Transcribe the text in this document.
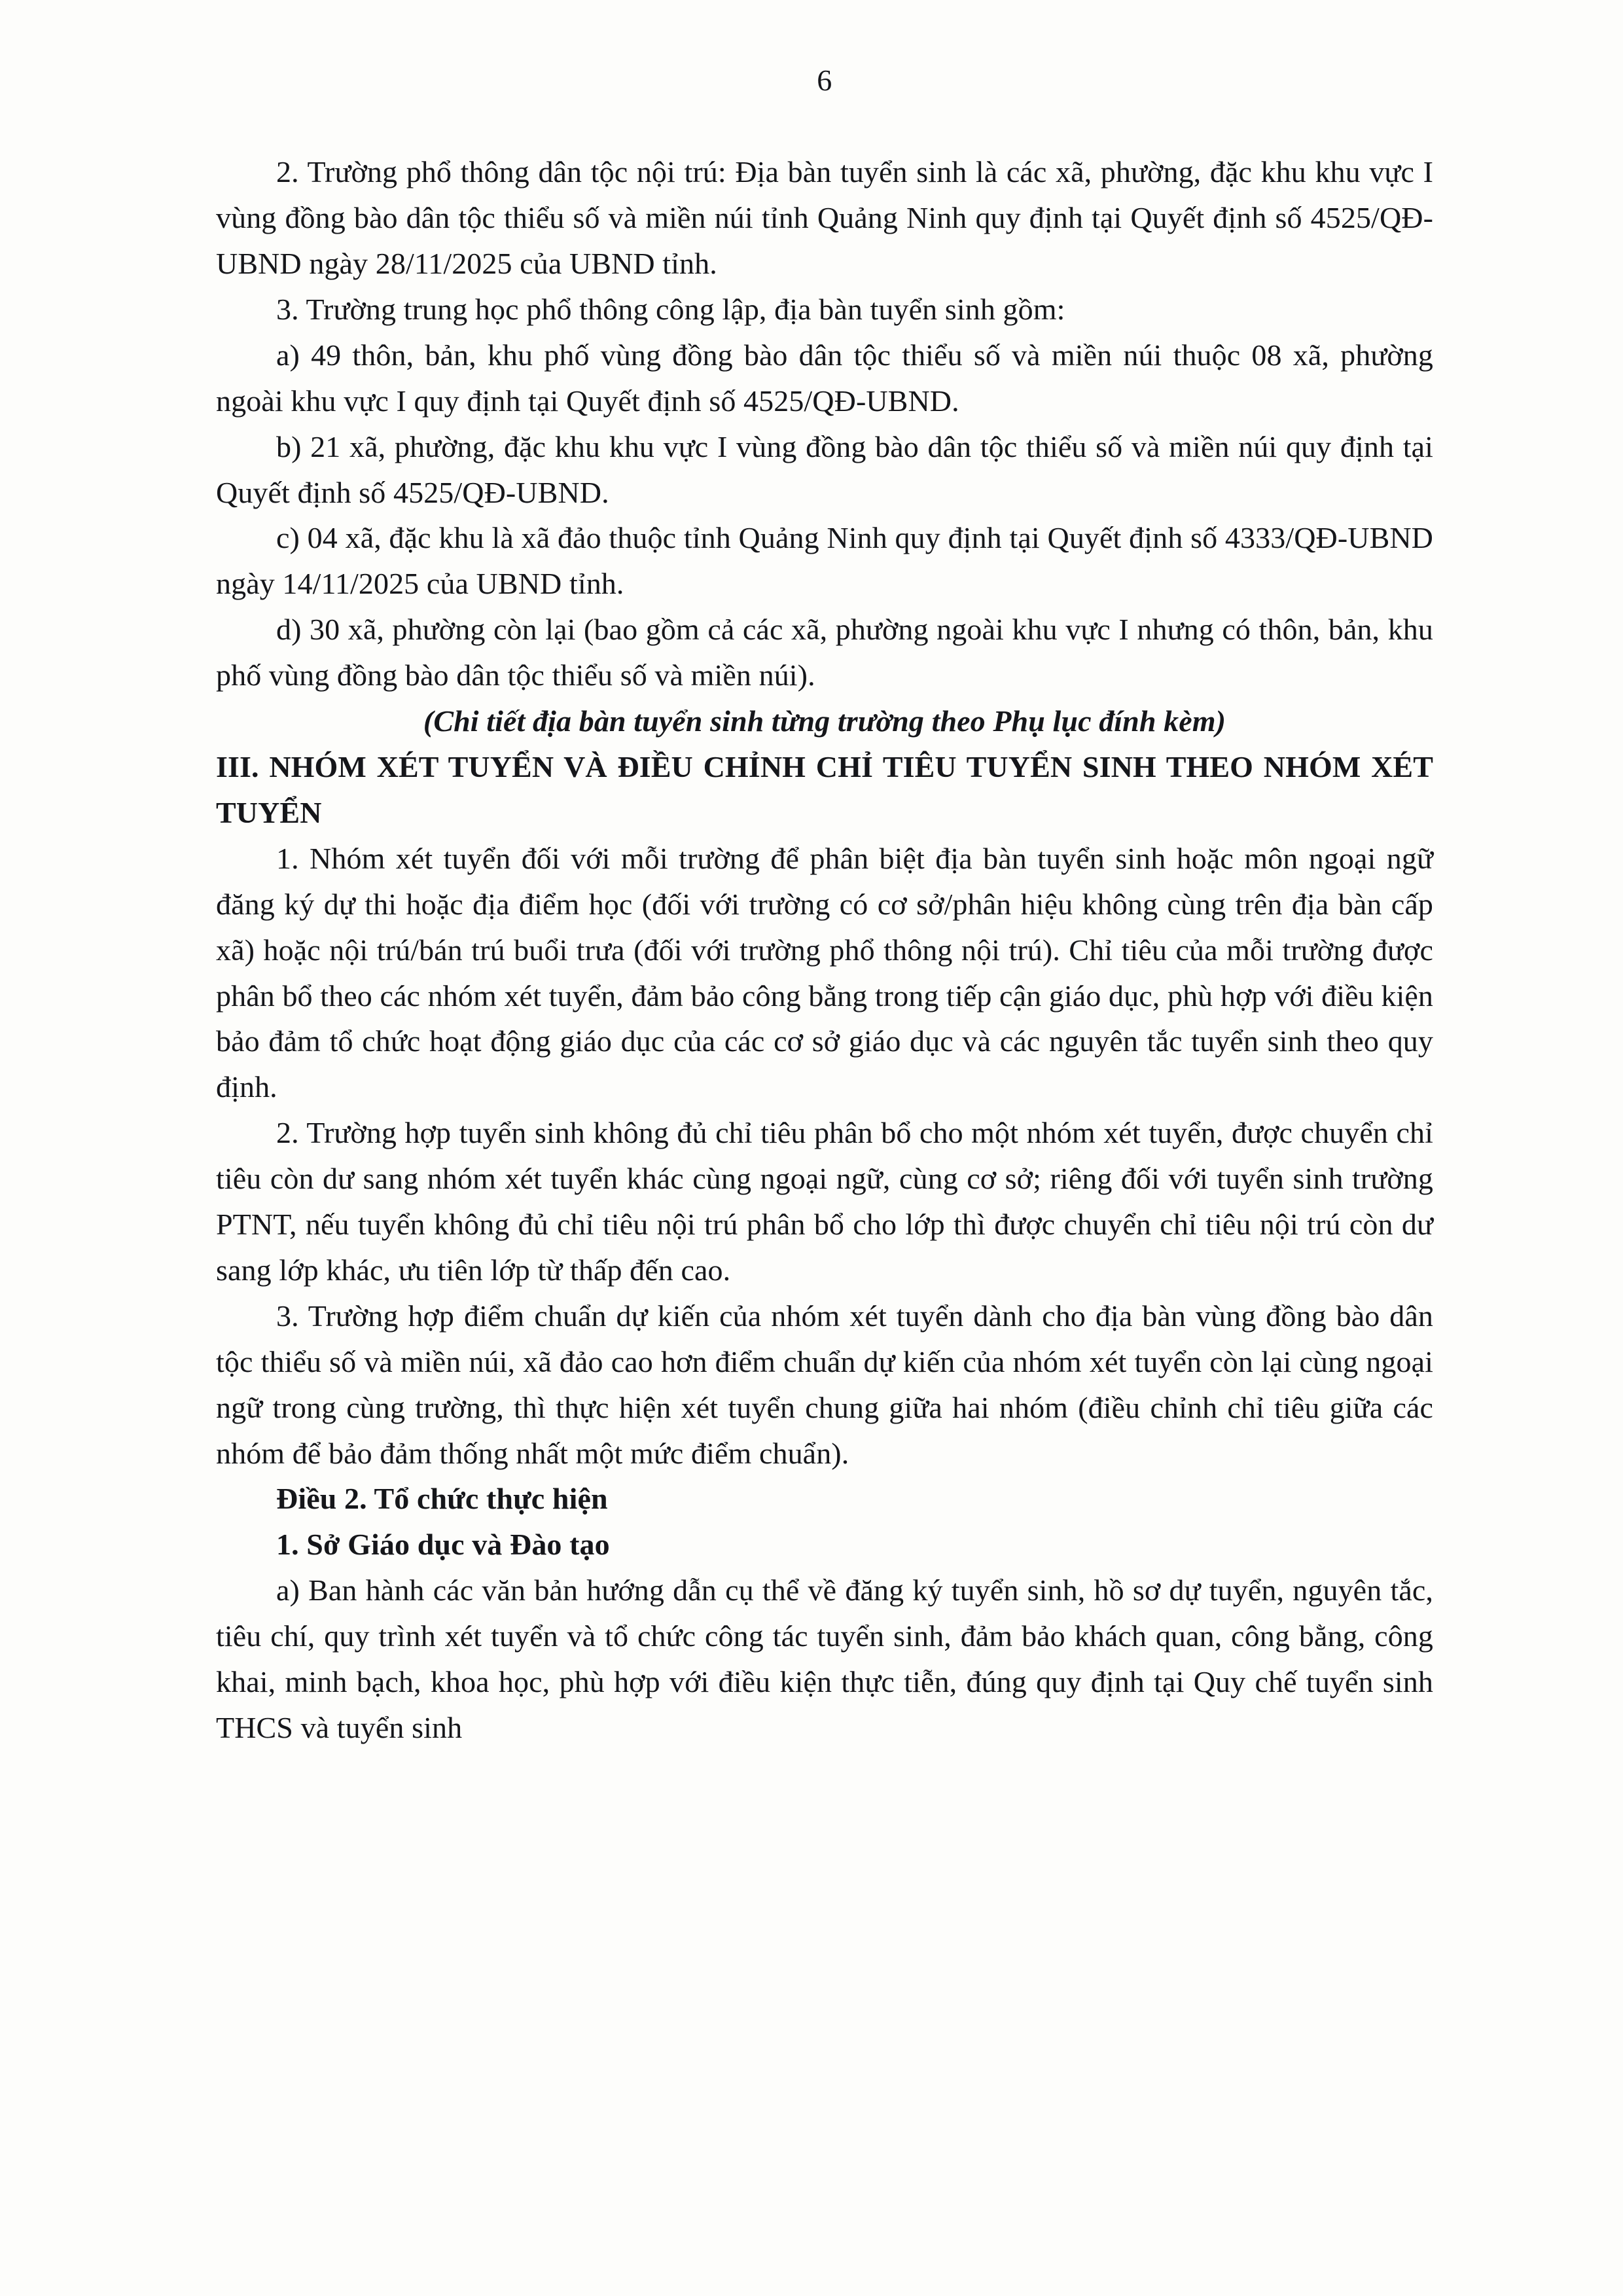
6

2. Trường phổ thông dân tộc nội trú: Địa bàn tuyển sinh là các xã, phường, đặc khu khu vực I vùng đồng bào dân tộc thiểu số và miền núi tỉnh Quảng Ninh quy định tại Quyết định số 4525/QĐ-UBND ngày 28/11/2025 của UBND tỉnh.

3. Trường trung học phổ thông công lập, địa bàn tuyển sinh gồm:

a) 49 thôn, bản, khu phố vùng đồng bào dân tộc thiểu số và miền núi thuộc 08 xã, phường ngoài khu vực I quy định tại Quyết định số 4525/QĐ-UBND.

b) 21 xã, phường, đặc khu khu vực I vùng đồng bào dân tộc thiểu số và miền núi quy định tại Quyết định số 4525/QĐ-UBND.

c) 04 xã, đặc khu là xã đảo thuộc tỉnh Quảng Ninh quy định tại Quyết định số 4333/QĐ-UBND ngày 14/11/2025 của UBND tỉnh.

d) 30 xã, phường còn lại (bao gồm cả các xã, phường ngoài khu vực I nhưng có thôn, bản, khu phố vùng đồng bào dân tộc thiểu số và miền núi).

(Chi tiết địa bàn tuyển sinh từng trường theo Phụ lục đính kèm)

III. NHÓM XÉT TUYỂN VÀ ĐIỀU CHỈNH CHỈ TIÊU TUYỂN SINH THEO NHÓM XÉT TUYỂN

1. Nhóm xét tuyển đối với mỗi trường để phân biệt địa bàn tuyển sinh hoặc môn ngoại ngữ đăng ký dự thi hoặc địa điểm học (đối với trường có cơ sở/phân hiệu không cùng trên địa bàn cấp xã) hoặc nội trú/bán trú buổi trưa (đối với trường phổ thông nội trú). Chỉ tiêu của mỗi trường được phân bổ theo các nhóm xét tuyển, đảm bảo công bằng trong tiếp cận giáo dục, phù hợp với điều kiện bảo đảm tổ chức hoạt động giáo dục của các cơ sở giáo dục và các nguyên tắc tuyển sinh theo quy định.

2. Trường hợp tuyển sinh không đủ chỉ tiêu phân bổ cho một nhóm xét tuyển, được chuyển chỉ tiêu còn dư sang nhóm xét tuyển khác cùng ngoại ngữ, cùng cơ sở; riêng đối với tuyển sinh trường PTNT, nếu tuyển không đủ chỉ tiêu nội trú phân bổ cho lớp thì được chuyển chỉ tiêu nội trú còn dư sang lớp khác, ưu tiên lớp từ thấp đến cao.

3. Trường hợp điểm chuẩn dự kiến của nhóm xét tuyển dành cho địa bàn vùng đồng bào dân tộc thiểu số và miền núi, xã đảo cao hơn điểm chuẩn dự kiến của nhóm xét tuyển còn lại cùng ngoại ngữ trong cùng trường, thì thực hiện xét tuyển chung giữa hai nhóm (điều chỉnh chỉ tiêu giữa các nhóm để bảo đảm thống nhất một mức điểm chuẩn).

Điều 2. Tổ chức thực hiện

1. Sở Giáo dục và Đào tạo

a) Ban hành các văn bản hướng dẫn cụ thể về đăng ký tuyển sinh, hồ sơ dự tuyển, nguyên tắc, tiêu chí, quy trình xét tuyển và tổ chức công tác tuyển sinh, đảm bảo khách quan, công bằng, công khai, minh bạch, khoa học, phù hợp với điều kiện thực tiễn, đúng quy định tại Quy chế tuyển sinh THCS và tuyển sinh
